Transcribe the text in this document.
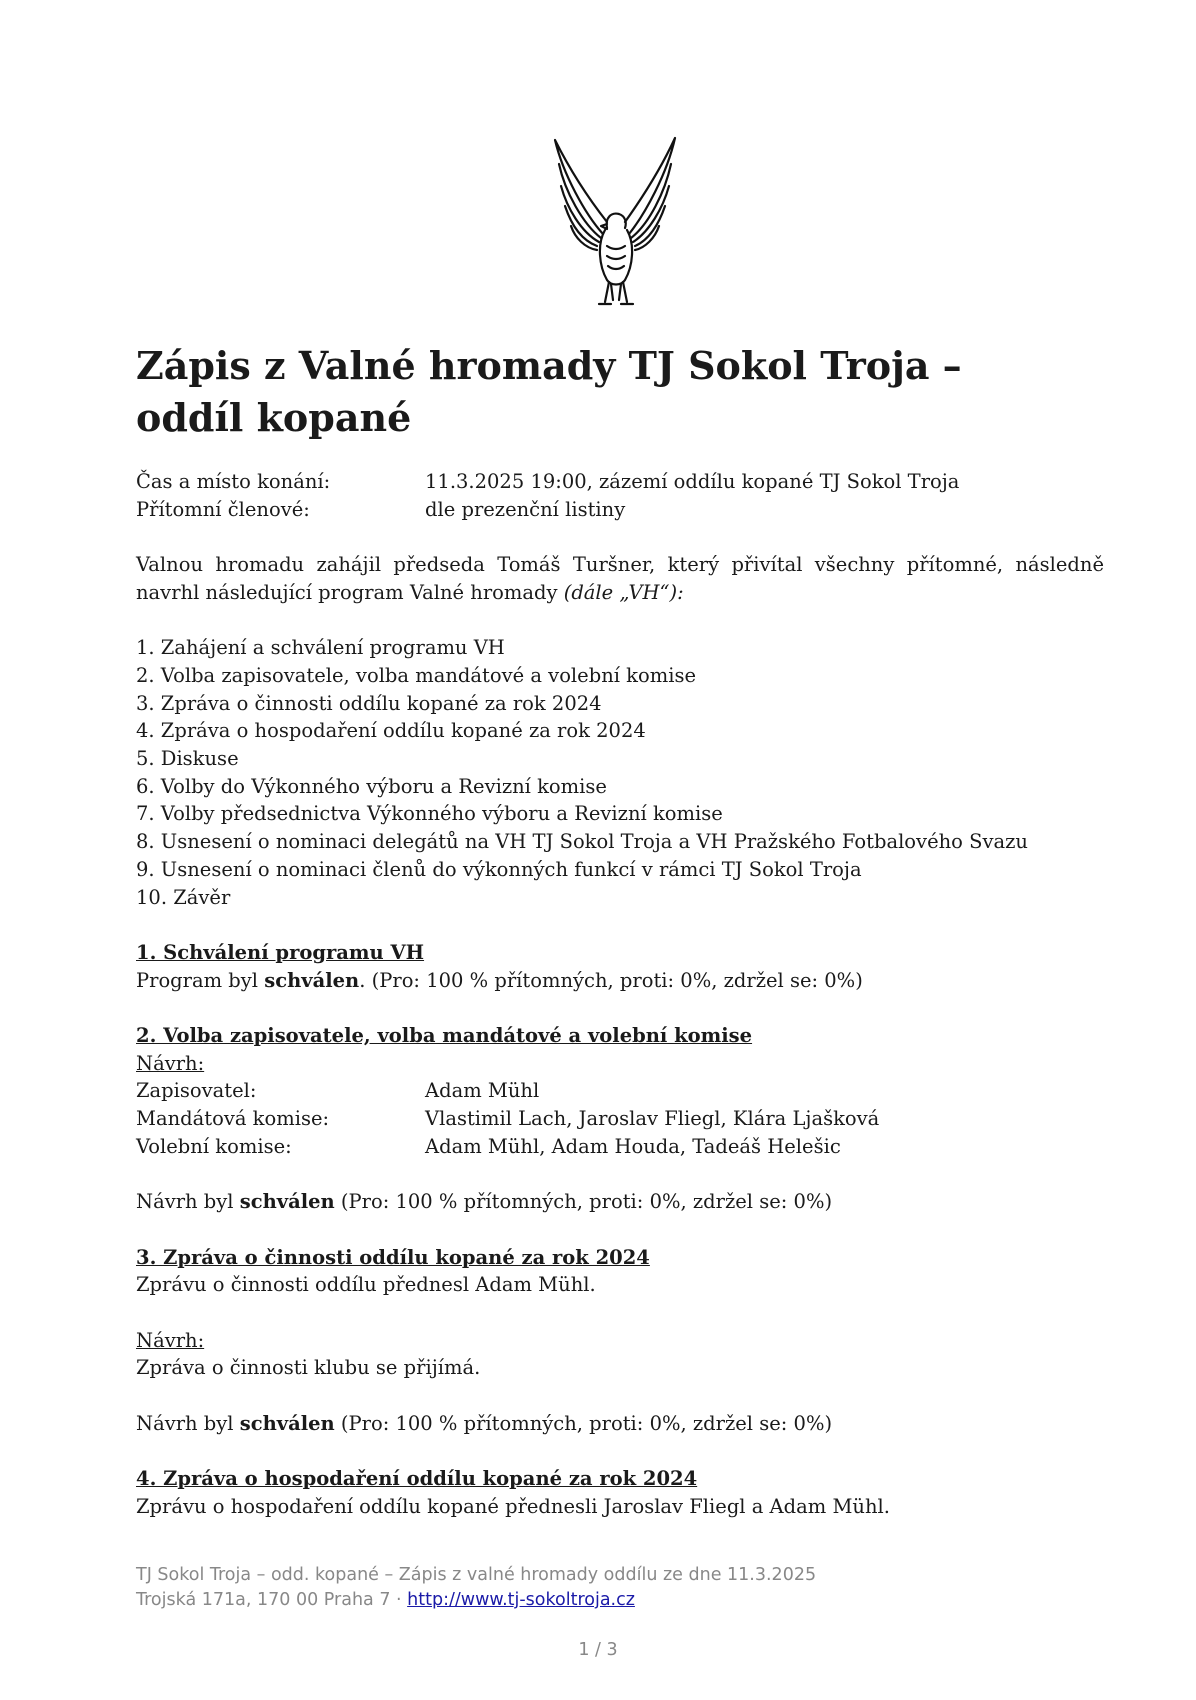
Zápis z Valné hromady TJ Sokol Troja – oddíl kopané
Čas a místo konání:	11.3.2025 19:00, zázemí oddílu kopané TJ Sokol Troja
Přítomní členové:	dle prezenční listiny
Valnou hromadu zahájil předseda Tomáš Turšner, který přivítal všechny přítomné, následně navrhl následující program Valné hromady (dále „VH“):
1. Zahájení a schválení programu VH
2. Volba zapisovatele, volba mandátové a volební komise
3. Zpráva o činnosti oddílu kopané za rok 2024
4. Zpráva o hospodaření oddílu kopané za rok 2024
5. Diskuse
6. Volby do Výkonného výboru a Revizní komise
7. Volby předsednictva Výkonného výboru a Revizní komise
8. Usnesení o nominaci delegátů na VH TJ Sokol Troja a VH Pražského Fotbalového Svazu
9. Usnesení o nominaci členů do výkonných funkcí v rámci TJ Sokol Troja
10. Závěr
1. Schválení programu VH
Program byl schválen. (Pro: 100 % přítomných, proti: 0%, zdržel se: 0%)
2. Volba zapisovatele, volba mandátové a volební komise
Návrh:
Zapisovatel:	Adam Mühl
Mandátová komise:	Vlastimil Lach, Jaroslav Fliegl, Klára Ljašková
Volební komise:	Adam Mühl, Adam Houda, Tadeáš Helešic
Návrh byl schválen (Pro: 100 % přítomných, proti: 0%, zdržel se: 0%)
3. Zpráva o činnosti oddílu kopané za rok 2024
Zprávu o činnosti oddílu přednesl Adam Mühl.
Návrh:
Zpráva o činnosti klubu se přijímá.
Návrh byl schválen (Pro: 100 % přítomných, proti: 0%, zdržel se: 0%)
4. Zpráva o hospodaření oddílu kopané za rok 2024
Zprávu o hospodaření oddílu kopané přednesli Jaroslav Fliegl a Adam Mühl.
TJ Sokol Troja – odd. kopané – Zápis z valné hromady oddílu ze dne 11.3.2025
Trojská 171a, 170 00 Praha 7 · http://www.tj-sokoltroja.cz
1 / 3
